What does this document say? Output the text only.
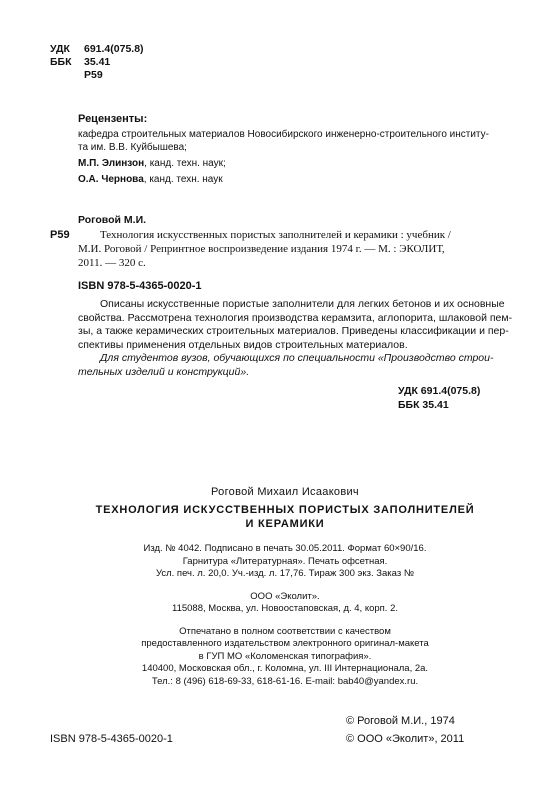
УДК	691.4(075.8)
ББК	35.41
Р59
Рецензенты:
кафедра строительных материалов Новосибирского инженерно-строительного институ-
та им. В.В. Куйбышева;
М.П. Элинзон, канд. техн. наук;
О.А. Чернова, канд. техн. наук
Роговой М.И.
Р59	Технология искусственных пористых заполнителей и керамики : учебник /
М.И. Роговой / Репринтное воспроизведение издания 1974 г. — М. : ЭКОЛИТ,
2011. — 320 с.
ISBN 978-5-4365-0020-1
Описаны искусственные пористые заполнители для легких бетонов и их основные
свойства. Рассмотрена технология производства керамзита, аглопорита, шлаковой пем-
зы, а также керамических строительных материалов. Приведены классификации и пер-
спективы применения отдельных видов строительных материалов.
Для студентов вузов, обучающихся по специальности «Производство строи-
тельных изделий и конструкций».
УДК 691.4(075.8)
ББК 35.41
Роговой Михаил Исаакович
ТЕХНОЛОГИЯ ИСКУССТВЕННЫХ ПОРИСТЫХ ЗАПОЛНИТЕЛЕЙ
И КЕРАМИКИ
Изд. № 4042. Подписано в печать 30.05.2011. Формат 60×90/16.
Гарнитура «Литературная». Печать офсетная.
Усл. печ. л. 20,0. Уч.-изд. л. 17,76. Тираж 300 экз. Заказ №
ООО «Эколит».
115088, Москва, ул. Новоостаповская, д. 4, корп. 2.
Отпечатано в полном соответствии с качеством
предоставленного издательством электронного оригинал-макета
в ГУП МО «Коломенская типография».
140400, Московская обл., г. Коломна, ул. III Интернационала, 2а.
Тел.: 8 (496) 618-69-33, 618-61-16. E-mail: bab40@yandex.ru.
ISBN 978-5-4365-0020-1
© Роговой М.И., 1974
© ООО «Эколит», 2011
